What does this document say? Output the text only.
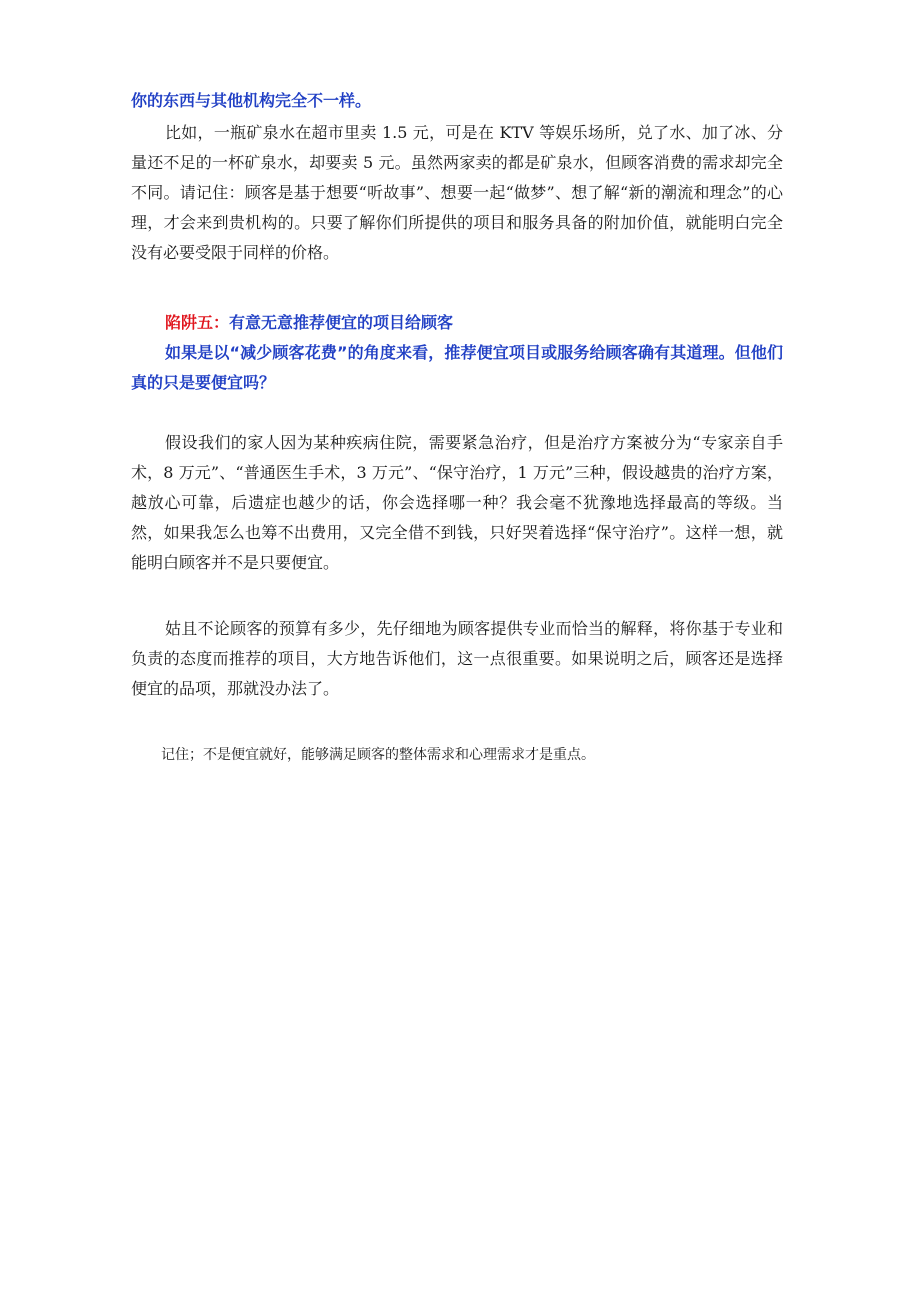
你的东西与其他机构完全不一样。

比如，一瓶矿泉水在超市里卖 1.5 元，可是在 KTV 等娱乐场所，兑了水、加了冰、分量还不足的一杯矿泉水，却要卖 5 元。虽然两家卖的都是矿泉水，但顾客消费的需求却完全不同。请记住：顾客是基于想要“听故事”、想要一起“做梦”、想了解“新的潮流和理念”的心理，才会来到贵机构的。只要了解你们所提供的项目和服务具备的附加价值，就能明白完全没有必要受限于同样的价格。

陷阱五：有意无意推荐便宜的项目给顾客

如果是以“减少顾客花费”的角度来看，推荐便宜项目或服务给顾客确有其道理。但他们真的只是要便宜吗？

假设我们的家人因为某种疾病住院，需要紧急治疗，但是治疗方案被分为“专家亲自手术，8 万元”、“普通医生手术，3 万元”、“保守治疗，1 万元”三种，假设越贵的治疗方案，越放心可靠，后遗症也越少的话，你会选择哪一种？我会毫不犹豫地选择最高的等级。当然，如果我怎么也筹不出费用，又完全借不到钱，只好哭着选择“保守治疗”。这样一想，就能明白顾客并不是只要便宜。

姑且不论顾客的预算有多少，先仔细地为顾客提供专业而恰当的解释，将你基于专业和负责的态度而推荐的项目，大方地告诉他们，这一点很重要。如果说明之后，顾客还是选择便宜的品项，那就没办法了。

记住；不是便宜就好，能够满足顾客的整体需求和心理需求才是重点。
